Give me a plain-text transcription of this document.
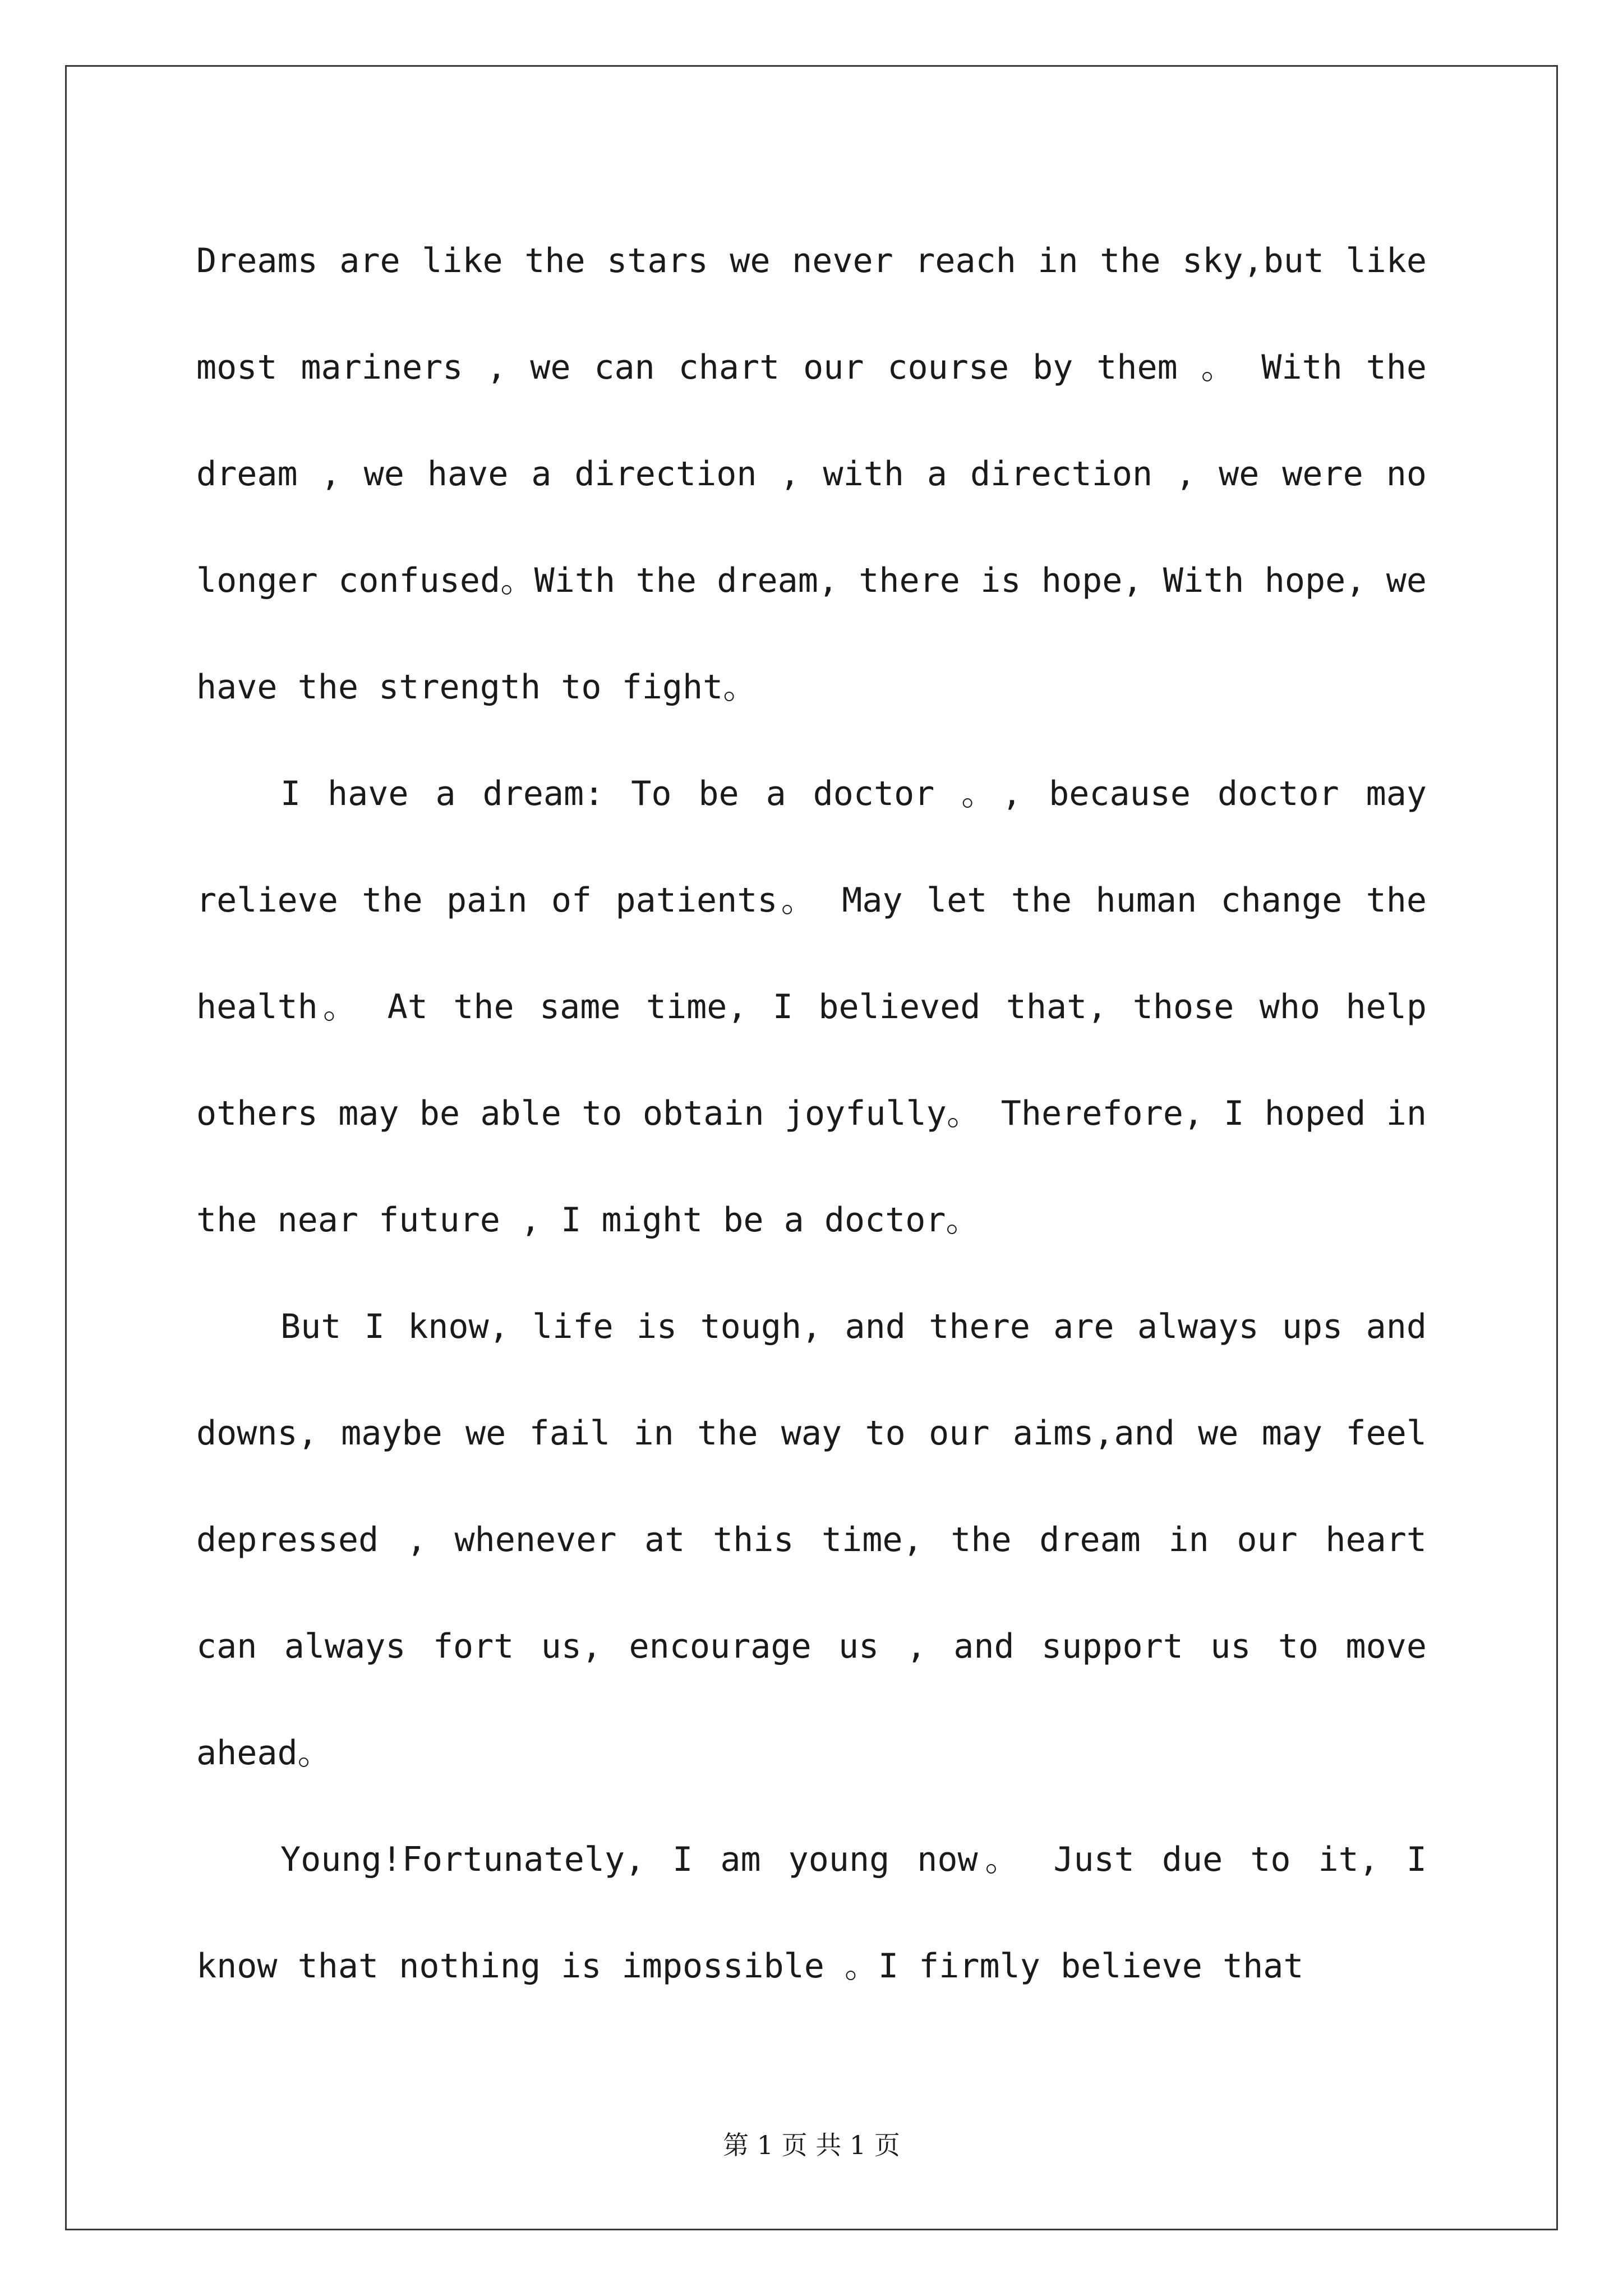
Dreams are like the stars we never reach in the sky,but like most mariners , we can chart our course by them 。 With the dream , we have a direction , with a direction , we were no longer confused。With the dream, there is hope, With hope, we have the strength to fight。

I have a dream: To be a doctor 。, because doctor may relieve the pain of patients。 May let the human change the health。 At the same time, I believed that, those who help others may be able to obtain joyfully。 Therefore, I hoped in the near future , I might be a doctor。

But I know, life is tough, and there are always ups and downs, maybe we fail in the way to our aims,and we may feel depressed , whenever at this time, the dream in our heart can always fort us, encourage us , and support us to move ahead。

Young!Fortunately, I am young now。 Just due to it, I know that nothing is impossible 。I firmly believe that

第 1 页 共 1 页
